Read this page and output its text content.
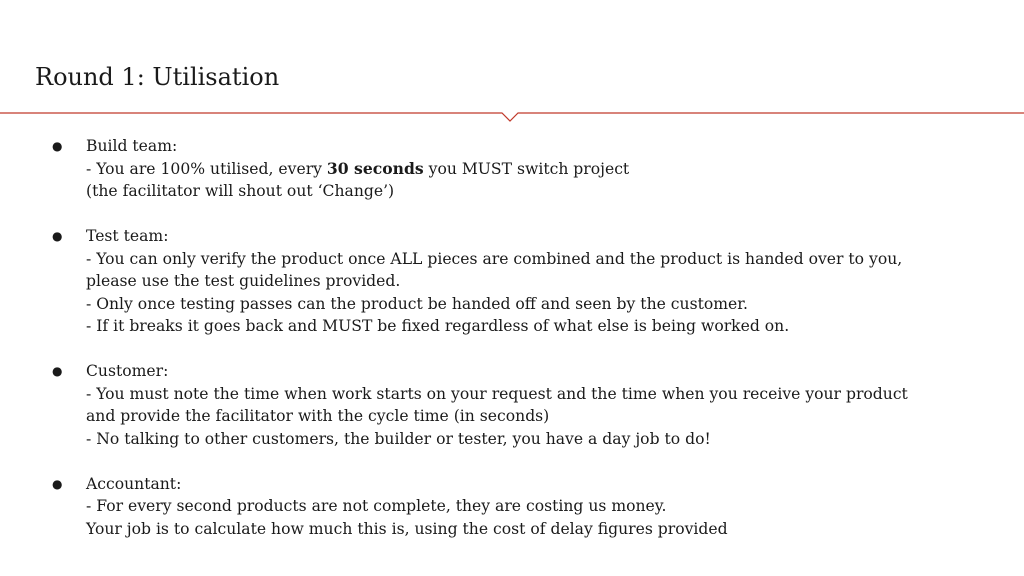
Round 1: Utilisation
● Build team:
- You are 100% utilised, every 30 seconds you MUST switch project
(the facilitator will shout out ‘Change’)
● Test team:
- You can only verify the product once ALL pieces are combined and the product is handed over to you,
please use the test guidelines provided.
- Only once testing passes can the product be handed off and seen by the customer.
- If it breaks it goes back and MUST be fixed regardless of what else is being worked on.
● Customer:
- You must note the time when work starts on your request and the time when you receive your product
and provide the facilitator with the cycle time (in seconds)
- No talking to other customers, the builder or tester, you have a day job to do!
● Accountant:
- For every second products are not complete, they are costing us money.
Your job is to calculate how much this is, using the cost of delay figures provided
